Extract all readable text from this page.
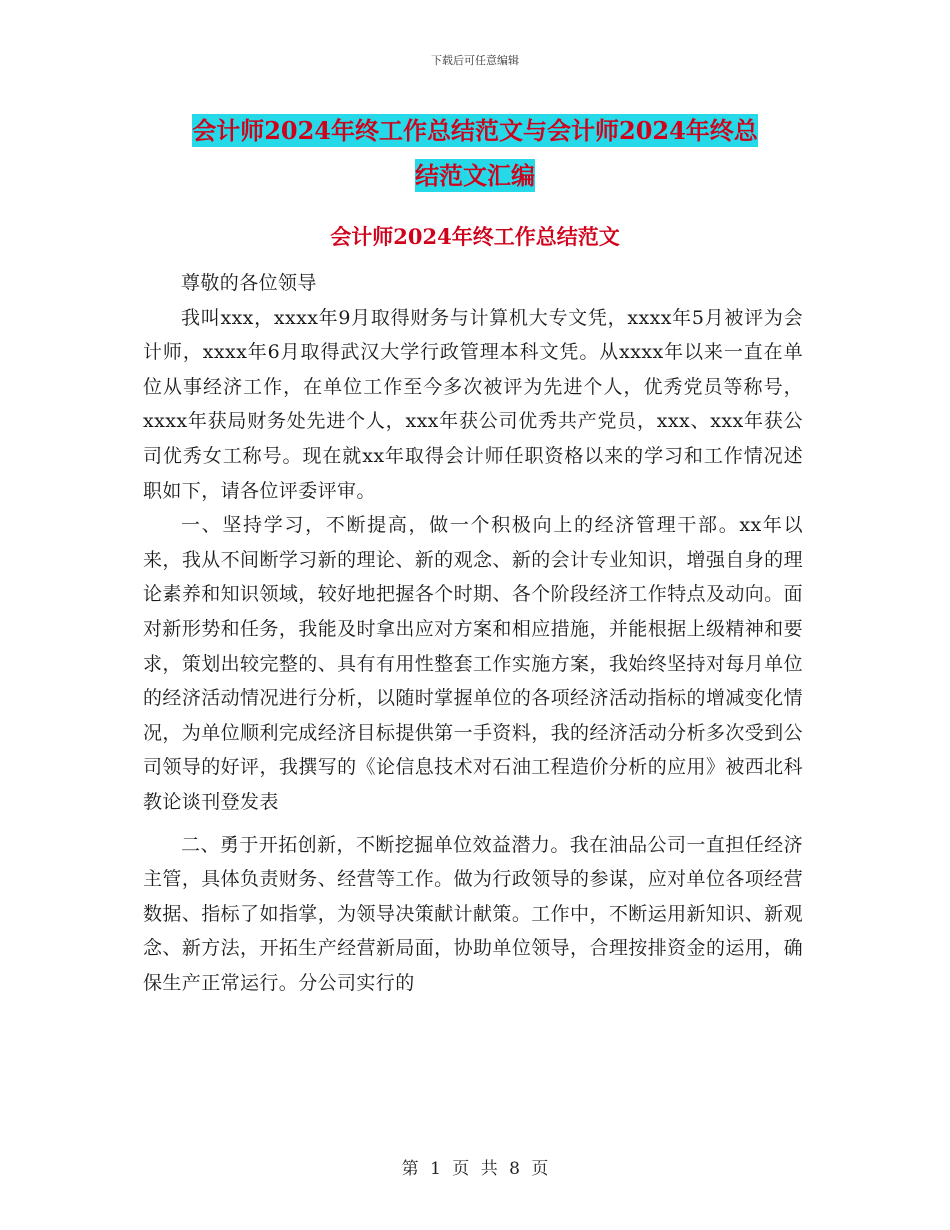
下载后可任意编辑
会计师2024年终工作总结范文与会计师2024年终总
结范文汇编
会计师2024年终工作总结范文

尊敬的各位领导

我叫xxx，xxxx年9月取得财务与计算机大专文凭，xxxx年5月被评为会计师，xxxx年6月取得武汉大学行政管理本科文凭。从xxxx年以来一直在单位从事经济工作，在单位工作至今多次被评为先进个人，优秀党员等称号，xxxx年获局财务处先进个人，xxx年获公司优秀共产党员，xxx、xxx年获公司优秀女工称号。现在就xx年取得会计师任职资格以来的学习和工作情况述职如下，请各位评委评审。

一、坚持学习，不断提高，做一个积极向上的经济管理干部。xx年以来，我从不间断学习新的理论、新的观念、新的会计专业知识，增强自身的理论素养和知识领域，较好地把握各个时期、各个阶段经济工作特点及动向。面对新形势和任务，我能及时拿出应对方案和相应措施，并能根据上级精神和要求，策划出较完整的、具有有用性整套工作实施方案，我始终坚持对每月单位的经济活动情况进行分析，以随时掌握单位的各项经济活动指标的增减变化情况，为单位顺利完成经济目标提供第一手资料，我的经济活动分析多次受到公司领导的好评，我撰写的《论信息技术对石油工程造价分析的应用》被西北科教论谈刊登发表

二、勇于开拓创新，不断挖掘单位效益潜力。我在油品公司一直担任经济主管，具体负责财务、经营等工作。做为行政领导的参谋，应对单位各项经营数据、指标了如指掌，为领导决策献计献策。工作中，不断运用新知识、新观念、新方法，开拓生产经营新局面，协助单位领导，合理按排资金的运用，确保生产正常运行。分公司实行的

第 1 页 共 8 页
